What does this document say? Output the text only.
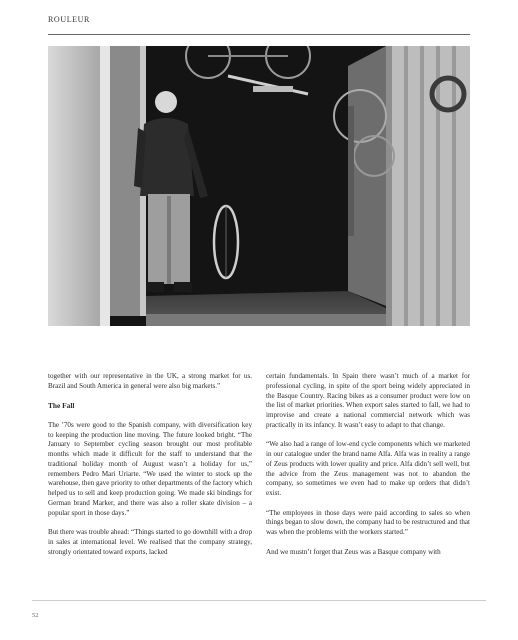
ROULEUR

together with our representative in the UK, a strong market for us. Brazil and South America in general were also big markets.”

The Fall

The ’70s were good to the Spanish company, with diversification key to keeping the production line moving. The future looked bright. “The January to September cycling season brought our most profitable months which made it difficult for the staff to understand that the traditional holiday month of August wasn’t a holiday for us,” remembers Pedro Mari Uriarte. “We used the winter to stock up the warehouse, then gave priority to other departments of the factory which helped us to sell and keep production going. We made ski bindings for German brand Marker, and there was also a roller skate division – a popular sport in those days.”

But there was trouble ahead: “Things started to go downhill with a drop in sales at international level. We realised that the company strategy, strongly orientated toward exports, lacked

certain fundamentals. In Spain there wasn’t much of a market for professional cycling, in spite of the sport being widely appreciated in the Basque Country. Racing bikes as a consumer product were low on the list of market priorities. When export sales started to fall, we had to improvise and create a national commercial network which was practically in its infancy. It wasn’t easy to adapt to that change.

“We also had a range of low-end cycle components which we marketed in our catalogue under the brand name Alfa. Alfa was in reality a range of Zeus products with lower quality and price. Alfa didn’t sell well, but the advice from the Zeus management was not to abandon the company, so sometimes we even had to make up orders that didn’t exist.

“The employees in those days were paid according to sales so when things began to slow down, the company had to be restructured and that was when the problems with the workers started.”

And we mustn’t forget that Zeus was a Basque company with

52
